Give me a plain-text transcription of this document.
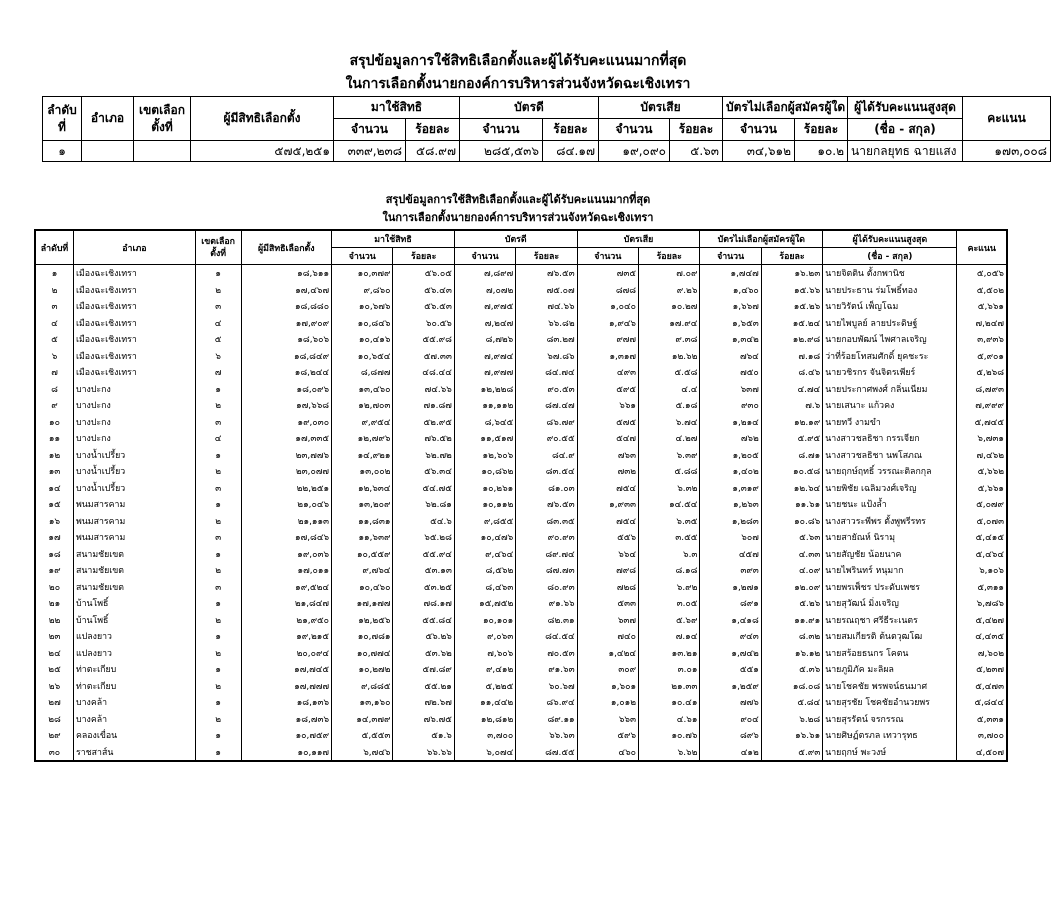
สรุปข้อมูลการใช้สิทธิเลือกตั้งและผู้ได้รับคะแนนมากที่สุด
ในการเลือกตั้งนายกองค์การบริหารส่วนจังหวัดฉะเชิงเทรา
ลำดับที่	อำเภอ	เขตเลือกตั้งที่	ผู้มีสิทธิเลือกตั้ง	มาใช้สิทธิ		บัตรดี		บัตรเสีย		บัตรไม่เลือกผู้สมัครผู้ใด		ผู้ได้รับคะแนนสูงสุด	คะแนน
				จำนวน	ร้อยละ	จำนวน	ร้อยละ	จำนวน	ร้อยละ	จำนวน	ร้อยละ	(ชื่อ - สกุล)	
๑			๕๗๕,๒๕๑	๓๓๙,๒๓๘	๕๘.๙๗	๒๘๕,๕๓๖	๘๔.๑๗	๑๙,๐๙๐	๕.๖๓	๓๔,๖๑๒	๑๐.๒	นายกลยุทธ ฉายแสง	๑๗๓,๐๐๘
สรุปข้อมูลการใช้สิทธิเลือกตั้งและผู้ได้รับคะแนนมากที่สุด
ในการเลือกตั้งนายกองค์การบริหารส่วนจังหวัดฉะเชิงเทรา
ลำดับที่	อำเภอ	เขตเลือกตั้งที่	ผู้มีสิทธิเลือกตั้ง	มาใช้สิทธิ		บัตรดี		บัตรเสีย		บัตรไม่เลือกผู้สมัครผู้ใด		ผู้ได้รับคะแนนสูงสุด	คะแนน
				จำนวน	ร้อยละ	จำนวน	ร้อยละ	จำนวน	ร้อยละ	จำนวน	ร้อยละ	(ชื่อ - สกุล)	
๑	เมืองฉะเชิงเทรา	๑	๑๘,๖๑๑	๑๐,๓๗๙	๕๖.๐๕	๗,๘๙๗	๗๖.๕๓	๗๓๕	๗.๐๙	๑,๗๔๗	๑๖.๒๓	นายจิตติน ตั้งกพานิช	๕,๐๕๖
๒	เมืองฉะเชิงเทรา	๒	๑๗,๔๖๗	๙,๘๖๐	๕๖.๔๓	๗,๐๗๒	๗๕.๐๗	๘๗๘	๙.๒๖	๑,๔๖๐	๑๕.๖๖	นายประธาน ร่มโพธิ์ทอง	๕,๕๐๒
๓	เมืองฉะเชิงเทรา	๓	๑๘,๘๘๐	๑๐,๖๗๖	๕๖.๕๓	๗,๙๗๕	๗๔.๖๖	๑,๐๔๐	๑๐.๒๗	๑,๖๖๗	๑๕.๒๖	นายวิรัตน์ เพ็ญโฉม	๕,๖๖๑
๔	เมืองฉะเชิงเทรา	๔	๑๗,๙๐๙	๑๐,๘๔๖	๖๐.๕๖	๗,๒๔๗	๖๖.๘๒	๑,๙๔๖	๑๗.๙๔	๑,๖๕๓	๑๕.๒๔	นายไพบูลย์ ลายประดิษฐ์	๗,๒๔๗
๕	เมืองฉะเชิงเทรา	๕	๑๘,๖๐๖	๑๐,๔๑๖	๕๕.๙๘	๘,๗๒๖	๘๓.๒๗	๙๗๗	๙.๓๘	๑,๓๔๒	๑๒.๙๘	นายกอบพัฒน์ ไพศาลเจริญ	๓,๙๓๖
๖	เมืองฉะเชิงเทรา	๖	๑๘,๘๔๙	๑๐,๖๕๔	๕๗.๓๓	๗,๙๗๔	๖๗.๘๖	๑,๓๑๗	๑๒.๖๒	๗๖๔	๗.๑๘	ว่าที่ร้อยโทสมศักดิ์ ยุคชะระ	๕,๙๐๑
๗	เมืองฉะเชิงเทรา	๗	๑๘,๒๔๔	๘,๘๗๗	๔๘.๔๔	๗,๙๗๗	๘๔.๗๔	๔๙๓	๕.๕๘	๗๕๐	๘.๔๖	นายวชิรกร จันจิตรเพียร์	๕,๒๖๘
๘	บางปะกง	๑	๑๘,๐๙๖	๑๓,๔๖๐	๗๔.๖๖	๑๒,๒๒๘	๙๐.๕๓	๕๙๕	๔.๔	๖๓๗	๔.๗๔	นายประกาศพงศ์ กลิ่นเนียม	๘,๗๙๓
๙	บางปะกง	๒	๑๗,๖๖๘	๑๒,๗๐๓	๗๑.๘๗	๑๑,๑๑๒	๘๗.๔๗	๖๖๑	๕.๑๘	๙๓๐	๗.๖	นายเสนาะ แก้วคง	๗,๙๙๙
๑๐	บางปะกง	๓	๑๙,๐๓๐	๙,๙๕๔	๕๒.๙๕	๘,๖๔๕	๘๖.๗๙	๕๗๕	๖.๗๔	๑,๒๑๔	๑๒.๑๙	นายทวี งามขำ	๕,๗๔๕
๑๑	บางปะกง	๔	๑๗,๓๓๕	๑๒,๗๙๖	๗๖.๕๒	๑๑,๕๑๗	๙๐.๕๕	๕๔๗	๔.๒๗	๗๖๒	๕.๙๕	นางสาวชลธิชา กรรเจียก	๖,๗๓๑
๑๒	บางน้ำเปรี้ยว	๑	๒๓,๗๗๖	๑๔,๙๒๑	๖๒.๗๒	๑๒,๖๐๖	๘๔.๙	๗๖๓	๖.๓๙	๑,๒๐๕	๘.๗๑	นางสาวชลธิชา นพโสภณ	๗,๔๖๒
๑๓	บางน้ำเปรี้ยว	๒	๒๓,๐๗๗	๑๓,๐๐๒	๕๖.๓๔	๑๐,๘๖๒	๘๓.๕๔	๗๓๒	๕.๘๘	๑,๔๐๒	๑๐.๕๘	นายฤกษ์ฤทธิ์ วรรณะติลกกุล	๕,๖๖๒
๑๔	บางน้ำเปรี้ยว	๓	๒๒,๒๕๑	๑๒,๖๓๔	๕๔.๗๕	๑๐,๒๖๑	๘๑.๐๓	๗๕๔	๖.๓๒	๑,๓๑๙	๑๒.๖๔	นายพิชัย เฉลิมวงศ์เจริญ	๕,๖๖๑
๑๕	พนมสารคาม	๑	๒๑,๐๔๖	๑๓,๒๐๙	๖๒.๘๑	๑๐,๑๑๒	๗๖.๕๓	๑,๙๓๓	๑๔.๕๔	๑,๒๖๓	๑๑.๖๑	นายชนะ แป้งล้ำ	๕,๐๗๙
๑๖	พนมสารคาม	๒	๒๑,๑๑๓	๑๑,๘๓๑	๕๔.๖	๙,๘๕๕	๘๓.๓๕	๗๕๔	๖.๓๕	๑,๒๘๓	๑๐.๘๖	นางสาวระพีพร ตั้งพูพรีรทร	๕,๐๗๓
๑๗	พนมสารคาม	๓	๑๗,๘๔๖	๑๑,๖๓๙	๖๕.๒๘	๑๐,๔๗๖	๙๐.๙๓	๕๕๖	๓.๕๕	๖๐๗	๕.๖๓	นายสายัณห์ นิรามุ	๕,๔๑๕
๑๘	สนามชัยเขต	๑	๑๙,๐๓๖	๑๐,๕๕๙	๕๕.๙๔	๙,๔๖๔	๘๙.๗๔	๖๖๔	๖.๓	๔๕๗	๔.๓๓	นายสัญชัย น้อยนาค	๕,๔๖๔
๑๙	สนามชัยเขต	๒	๑๗,๐๑๑	๙,๗๖๔	๕๓.๑๓	๘,๕๖๒	๘๗.๗๓	๗๙๘	๘.๑๘	๓๙๓	๔.๐๙	นายไพรินทร์ หนุมาก	๖,๑๐๖
๒๐	สนามชัยเขต	๓	๑๙,๕๒๔	๑๐,๔๖๐	๕๓.๒๕	๘,๔๖๓	๘๐.๙๓	๗๒๘	๖.๙๒	๑,๒๗๑	๑๒.๐๙	นายพรเพ็ชร ประดับเพชร	๕,๓๑๑
๒๑	บ้านโพธิ์	๑	๒๑,๘๔๗	๑๗,๑๗๗	๗๘.๑๗	๑๕,๗๕๒	๙๑.๖๖	๕๓๓	๓.๐๕	๘๙๑	๕.๒๖	นายสุวัฒน์ มิ่งเจริญ	๖,๗๘๖
๒๒	บ้านโพธิ์	๒	๒๑,๙๕๐	๑๒,๒๕๖	๕๕.๘๔	๑๐,๑๐๑	๘๒.๓๑	๖๓๗	๕.๖๙	๑,๔๑๘	๑๑.๙๑	นายรณฤชา ศรีธีระเนตร	๕,๔๒๗
๒๓	แปลงยาว	๑	๑๙,๒๑๕	๑๐,๗๘๑	๕๖.๒๖	๙,๐๖๓	๘๔.๕๔	๗๔๐	๗.๑๔	๙๔๓	๘.๓๒	นายสมเกียรติ ต้นตวุฒโฒ	๔,๔๓๕
๒๔	แปลงยาว	๒	๒๐,๐๙๔	๑๐,๗๗๔	๕๓.๖๒	๗,๖๐๖	๗๐.๕๓	๑,๔๒๔	๑๓.๒๑	๑,๗๔๒	๑๖.๑๒	นายสร้อยธนกร โคตน	๗,๖๐๒
๒๕	ท่าตะเกียบ	๑	๑๗,๗๔๕	๑๐,๒๗๒	๕๗.๘๙	๙,๔๑๒	๙๑.๖๓	๓๐๙	๓.๐๑	๕๕๑	๕.๓๖	นายภูมิภัค มะลิผล	๕,๒๓๗
๒๖	ท่าตะเกียบ	๒	๑๗,๗๗๗	๙,๘๘๕	๕๕.๒๑	๕,๒๒๕	๖๐.๖๗	๑,๖๐๑	๒๑.๓๓	๑,๒๕๙	๑๘.๐๘	นายโชคชัย พรพจน์ธนมาศ	๕,๔๗๓
๒๗	บางคล้า	๑	๑๘,๑๓๖	๑๓,๑๖๐	๗๒.๖๗	๑๑,๔๔๒	๘๖.๙๔	๑,๐๑๒	๑๐.๔๑	๗๗๖	๕.๘๔	นายสุรชัย โชคชัยอำนวยพร	๕,๘๔๔
๒๘	บางคล้า	๒	๑๘,๗๓๖	๑๔,๓๗๙	๗๖.๗๕	๑๒,๘๑๒	๘๙.๑๑	๖๖๓	๔.๖๑	๙๐๔	๖.๒๘	นายสุรรัตน์ จรกรรณ	๕,๓๓๑
๒๙	คลองเขื่อน	๑	๑๐,๗๕๙	๕,๕๕๓	๕๑.๖	๓,๗๐๐	๖๖.๖๓	๕๙๖	๑๐.๗๖	๘๙๖	๑๖.๖๑	นายศิษฏ์ตรภล เทวารุทธ	๓,๗๐๐
๓๐	ราชสาส์น	๑	๑๐,๑๑๗	๖,๗๔๖	๖๖.๖๖	๖,๐๗๔	๘๗.๕๕	๔๖๐	๖.๖๒	๔๑๒	๕.๙๓	นายฤกษ์ พะวงษ์	๔,๕๐๗
